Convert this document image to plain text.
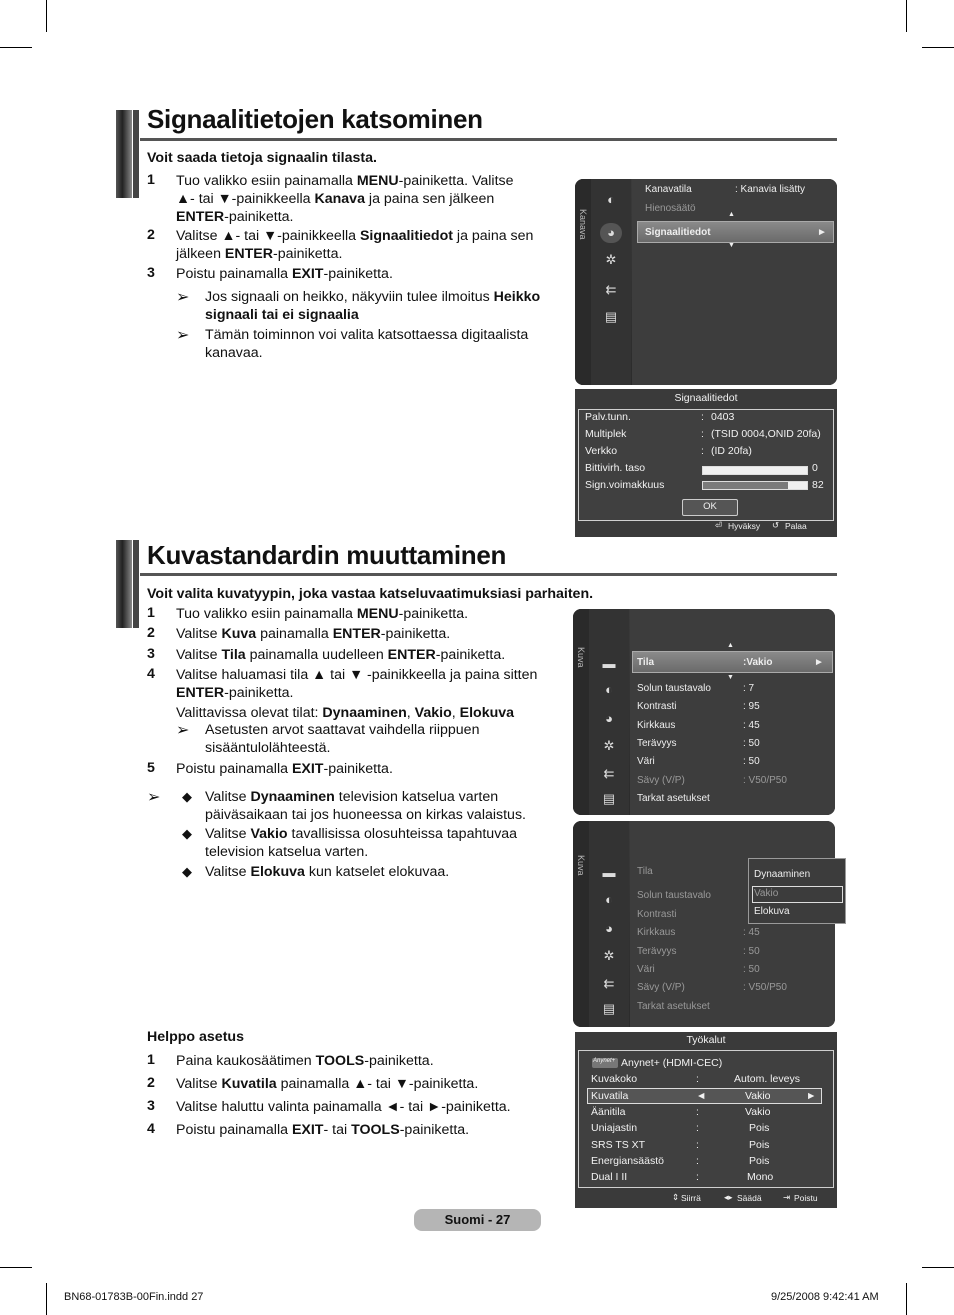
Signaalitietojen katsominen
Voit saada tietoja signaalin tilasta.
1 Tuo valikko esiin painamalla MENU-painiketta. Valitse
▲- tai ▼-painikkeella Kanava ja paina sen jälkeen
ENTER-painiketta.
2 Valitse ▲- tai ▼-painikkeella Signaalitiedot ja paina sen
jälkeen ENTER-painiketta.
3 Poistu painamalla EXIT-painiketta.
➢ Jos signaali on heikko, näkyviin tulee ilmoitus Heikko
signaali tai ei signaalia
➢ Tämän toiminnon voi valita katsottaessa digitaalista
kanavaa.
Kanava
◐
◕
✲
⇇
▤
Kanavatila	: Kanavia lisätty
Hienosäätö
▲
Signaalitiedot	►
▼
Signaalitiedot
Palv.tunn.	: 0403
Multiplek	: (TSID 0004,ONID 20fa)
Verkko	: (ID 20fa)
Bittivirh. taso	0
Sign.voimakkuus	82
OK
⏎ Hyväksy ↺ Palaa
Kuvastandardin muuttaminen
Voit valita kuvatyypin, joka vastaa katseluvaatimuksiasi parhaiten.
1 Tuo valikko esiin painamalla MENU-painiketta.
2 Valitse Kuva painamalla ENTER-painiketta.
3 Valitse Tila painamalla uudelleen ENTER-painiketta.
4 Valitse haluamasi tila ▲ tai ▼ -painikkeella ja paina sitten
ENTER-painiketta.
Valittavissa olevat tilat: Dynaaminen, Vakio, Elokuva
➢ Asetusten arvot saattavat vaihdella riippuen
sisääntulolähteestä.
5 Poistu painamalla EXIT-painiketta.
➢ ◆ Valitse Dynaaminen television katselua varten
päiväsaikaan tai jos huoneessa on kirkas valaistus.
◆ Valitse Vakio tavallisissa olosuhteissa tapahtuvaa
television katselua varten.
◆ Valitse Elokuva kun katselet elokuvaa.
Kuva ▬
◐
◕
✲
⇇
▤
▲
Tila	:Vakio	►
▼
Solun taustavalo	: 7
Kontrasti	: 95
Kirkkaus	: 45
Terävyys	: 50
Väri	: 50
Sävy (V/P)	: V50/P50
Tarkat asetukset
Kuva ▬
◐
◕
✲
⇇
▤
Tila
Solun taustavalo
Kontrasti
Kirkkaus	: 45
Terävyys	: 50
Väri	: 50
Sävy (V/P)	: V50/P50
Tarkat asetukset
Dynaaminen
Vakio
Elokuva
Helppo asetus
1 Paina kaukosäätimen TOOLS-painiketta.
2 Valitse Kuvatila painamalla ▲- tai ▼-painiketta.
3 Valitse haluttu valinta painamalla ◄- tai ►-painiketta.
4 Poistu painamalla EXIT- tai TOOLS-painiketta.
Työkalut
Anynet+ Anynet+ (HDMI-CEC)
Kuvakoko	:	Autom. leveys
Kuvatila	◄	Vakio	►
Äänitila	:	Vakio
Uniajastin	:	Pois
SRS TS XT	:	Pois
Energiansäästö	:	Pois
Dual I II	:	Mono
⇕ Siirrä	◂▸ Säädä	⇥ Poistu
Suomi - 27
BN68-01783B-00Fin.indd 27	9/25/2008 9:42:41 AM
